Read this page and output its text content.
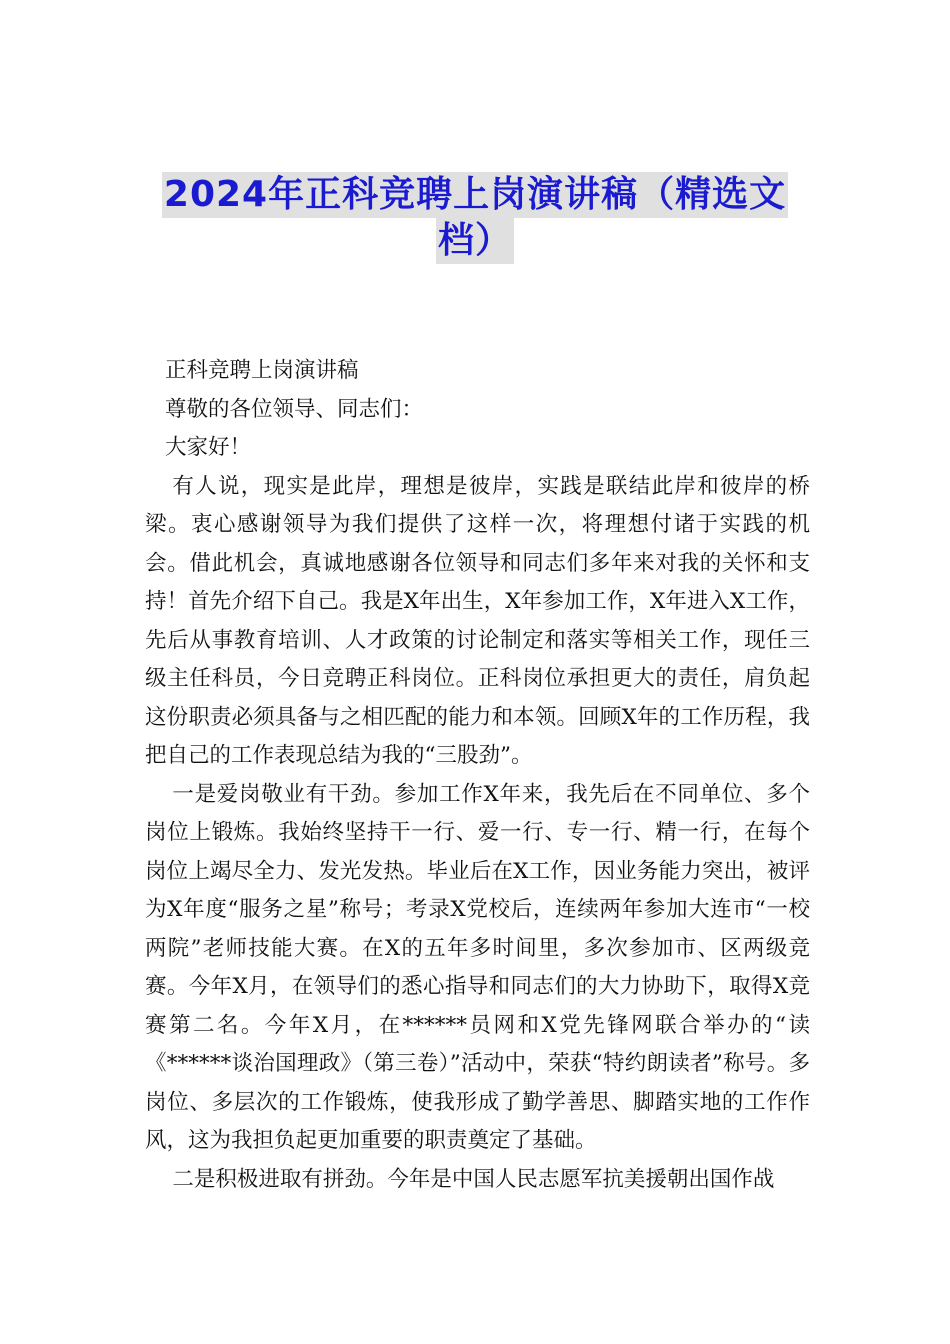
2024年正科竞聘上岗演讲稿（精选文
档）

正科竞聘上岗演讲稿

尊敬的各位领导、同志们：

大家好！

有人说，现实是此岸，理想是彼岸，实践是联结此岸和彼岸的桥梁。衷心感谢领导为我们提供了这样一次，将理想付诸于实践的机会。借此机会，真诚地感谢各位领导和同志们多年来对我的关怀和支持！首先介绍下自己。我是X年出生，X年参加工作，X年进入X工作，先后从事教育培训、人才政策的讨论制定和落实等相关工作，现任三级主任科员，今日竞聘正科岗位。正科岗位承担更大的责任，肩负起这份职责必须具备与之相匹配的能力和本领。回顾X年的工作历程，我把自己的工作表现总结为我的“三股劲”。

一是爱岗敬业有干劲。参加工作X年来，我先后在不同单位、多个岗位上锻炼。我始终坚持干一行、爱一行、专一行、精一行，在每个岗位上竭尽全力、发光发热。毕业后在X工作，因业务能力突出，被评为X年度“服务之星”称号；考录X党校后，连续两年参加大连市“一校两院”老师技能大赛。在X的五年多时间里，多次参加市、区两级竞赛。今年X月，在领导们的悉心指导和同志们的大力协助下，取得X竞赛第二名。今年X月，在******员网和X党先锋网联合举办的“读《******谈治国理政》（第三卷）”活动中，荣获“特约朗读者”称号。多岗位、多层次的工作锻炼，使我形成了勤学善思、脚踏实地的工作作风，这为我担负起更加重要的职责奠定了基础。

二是积极进取有拼劲。今年是中国人民志愿军抗美援朝出国作战
